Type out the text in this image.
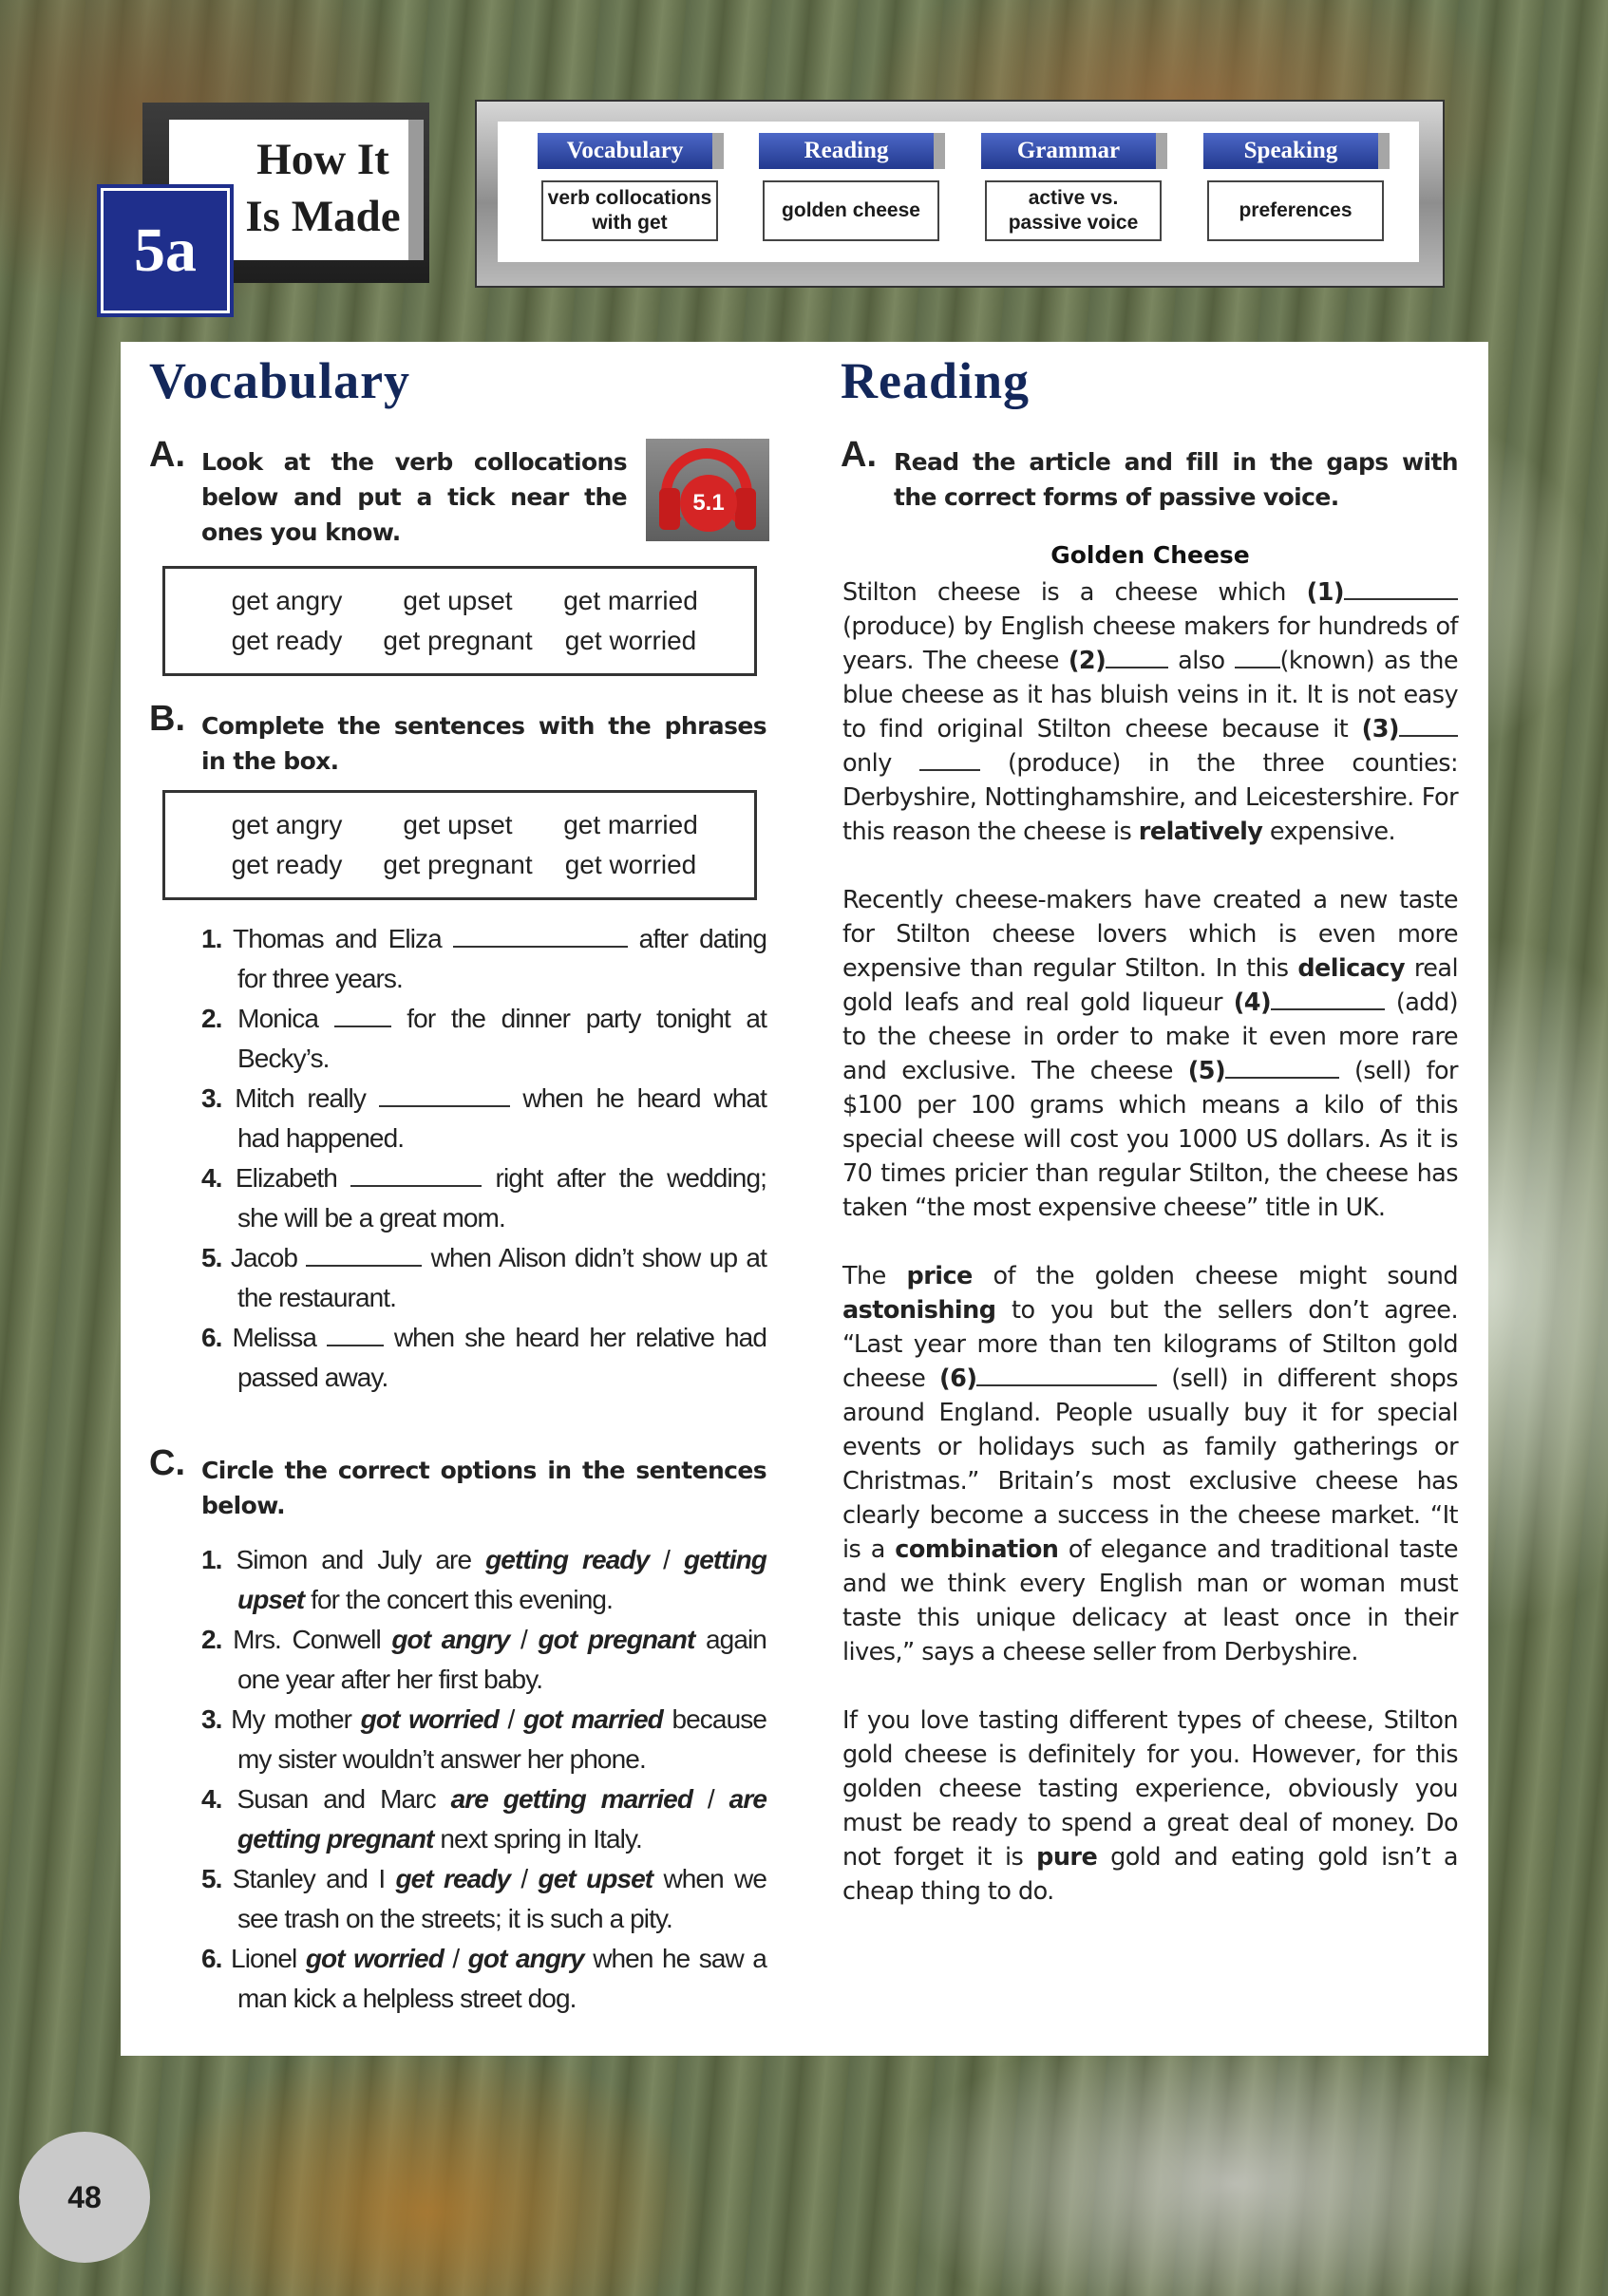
How It
Is Made
5a
Vocabulary
verb collocations
with get
Reading
golden cheese
Grammar
active vs.
passive voice
Speaking
preferences
Vocabulary
A. Look at the verb collocations below and put a tick near the ones you know.
5.1
get angry	get upset	get married
get ready	get pregnant	get worried
B. Complete the sentences with the phrases in the box.
get angry	get upset	get married
get ready	get pregnant	get worried
1. Thomas and Eliza	after dating for three years.
2. Monica	for the dinner party tonight at Becky’s.
3. Mitch really	when he heard what had happened.
4. Elizabeth	right after the wedding; she will be a great mom.
5. Jacob	when Alison didn’t show up at the restaurant.
6. Melissa	when she heard her relative had passed away.
C. Circle the correct options in the sentences below.
1. Simon and July are getting ready / getting upset for the concert this evening.
2. Mrs. Conwell got angry / got pregnant again one year after her first baby.
3. My mother got worried / got married because my sister wouldn’t answer her phone.
4. Susan and Marc are getting married / are getting pregnant next spring in Italy.
5. Stanley and I get ready / get upset when we see trash on the streets; it is such a pity.
6. Lionel got worried / got angry when he saw a man kick a helpless street dog.
Reading
A. Read the article and fill in the gaps with the correct forms of passive voice.
Golden Cheese

Stilton cheese is a cheese which (1) (produce) by English cheese makers for hundreds of years. The cheese (2)	also (known) as the blue cheese as it has bluish veins in it. It is not easy to find original Stilton cheese because it (3) only	(produce) in the three counties: Derbyshire, Nottinghamshire, and Leicestershire. For this reason the cheese is relatively expensive.

Recently cheese-makers have created a new taste for Stilton cheese lovers which is even more expensive than regular Stilton. In this delicacy real gold leafs and real gold liqueur (4)	(add) to the cheese in order to make it even more rare and exclusive. The cheese (5)	(sell) for $100 per 100 grams which means a kilo of this special cheese will cost you 1000 US dollars. As it is 70 times pricier than regular Stilton, the cheese has taken “the most expensive cheese” title in UK.

The price of the golden cheese might sound astonishing to you but the sellers don’t agree. “Last year more than ten kilograms of Stilton gold cheese (6)	(sell) in different shops around England. People usually buy it for special events or holidays such as family gatherings or Christmas.” Britain’s most exclusive cheese has clearly become a success in the cheese market. “It is a combination of elegance and traditional taste and we think every English man or woman must taste this unique delicacy at least once in their lives,” says a cheese seller from Derbyshire.

If you love tasting different types of cheese, Stilton gold cheese is definitely for you. However, for this golden cheese tasting experience, obviously you must be ready to spend a great deal of money. Do not forget it is pure gold and eating gold isn’t a cheap thing to do.

48
